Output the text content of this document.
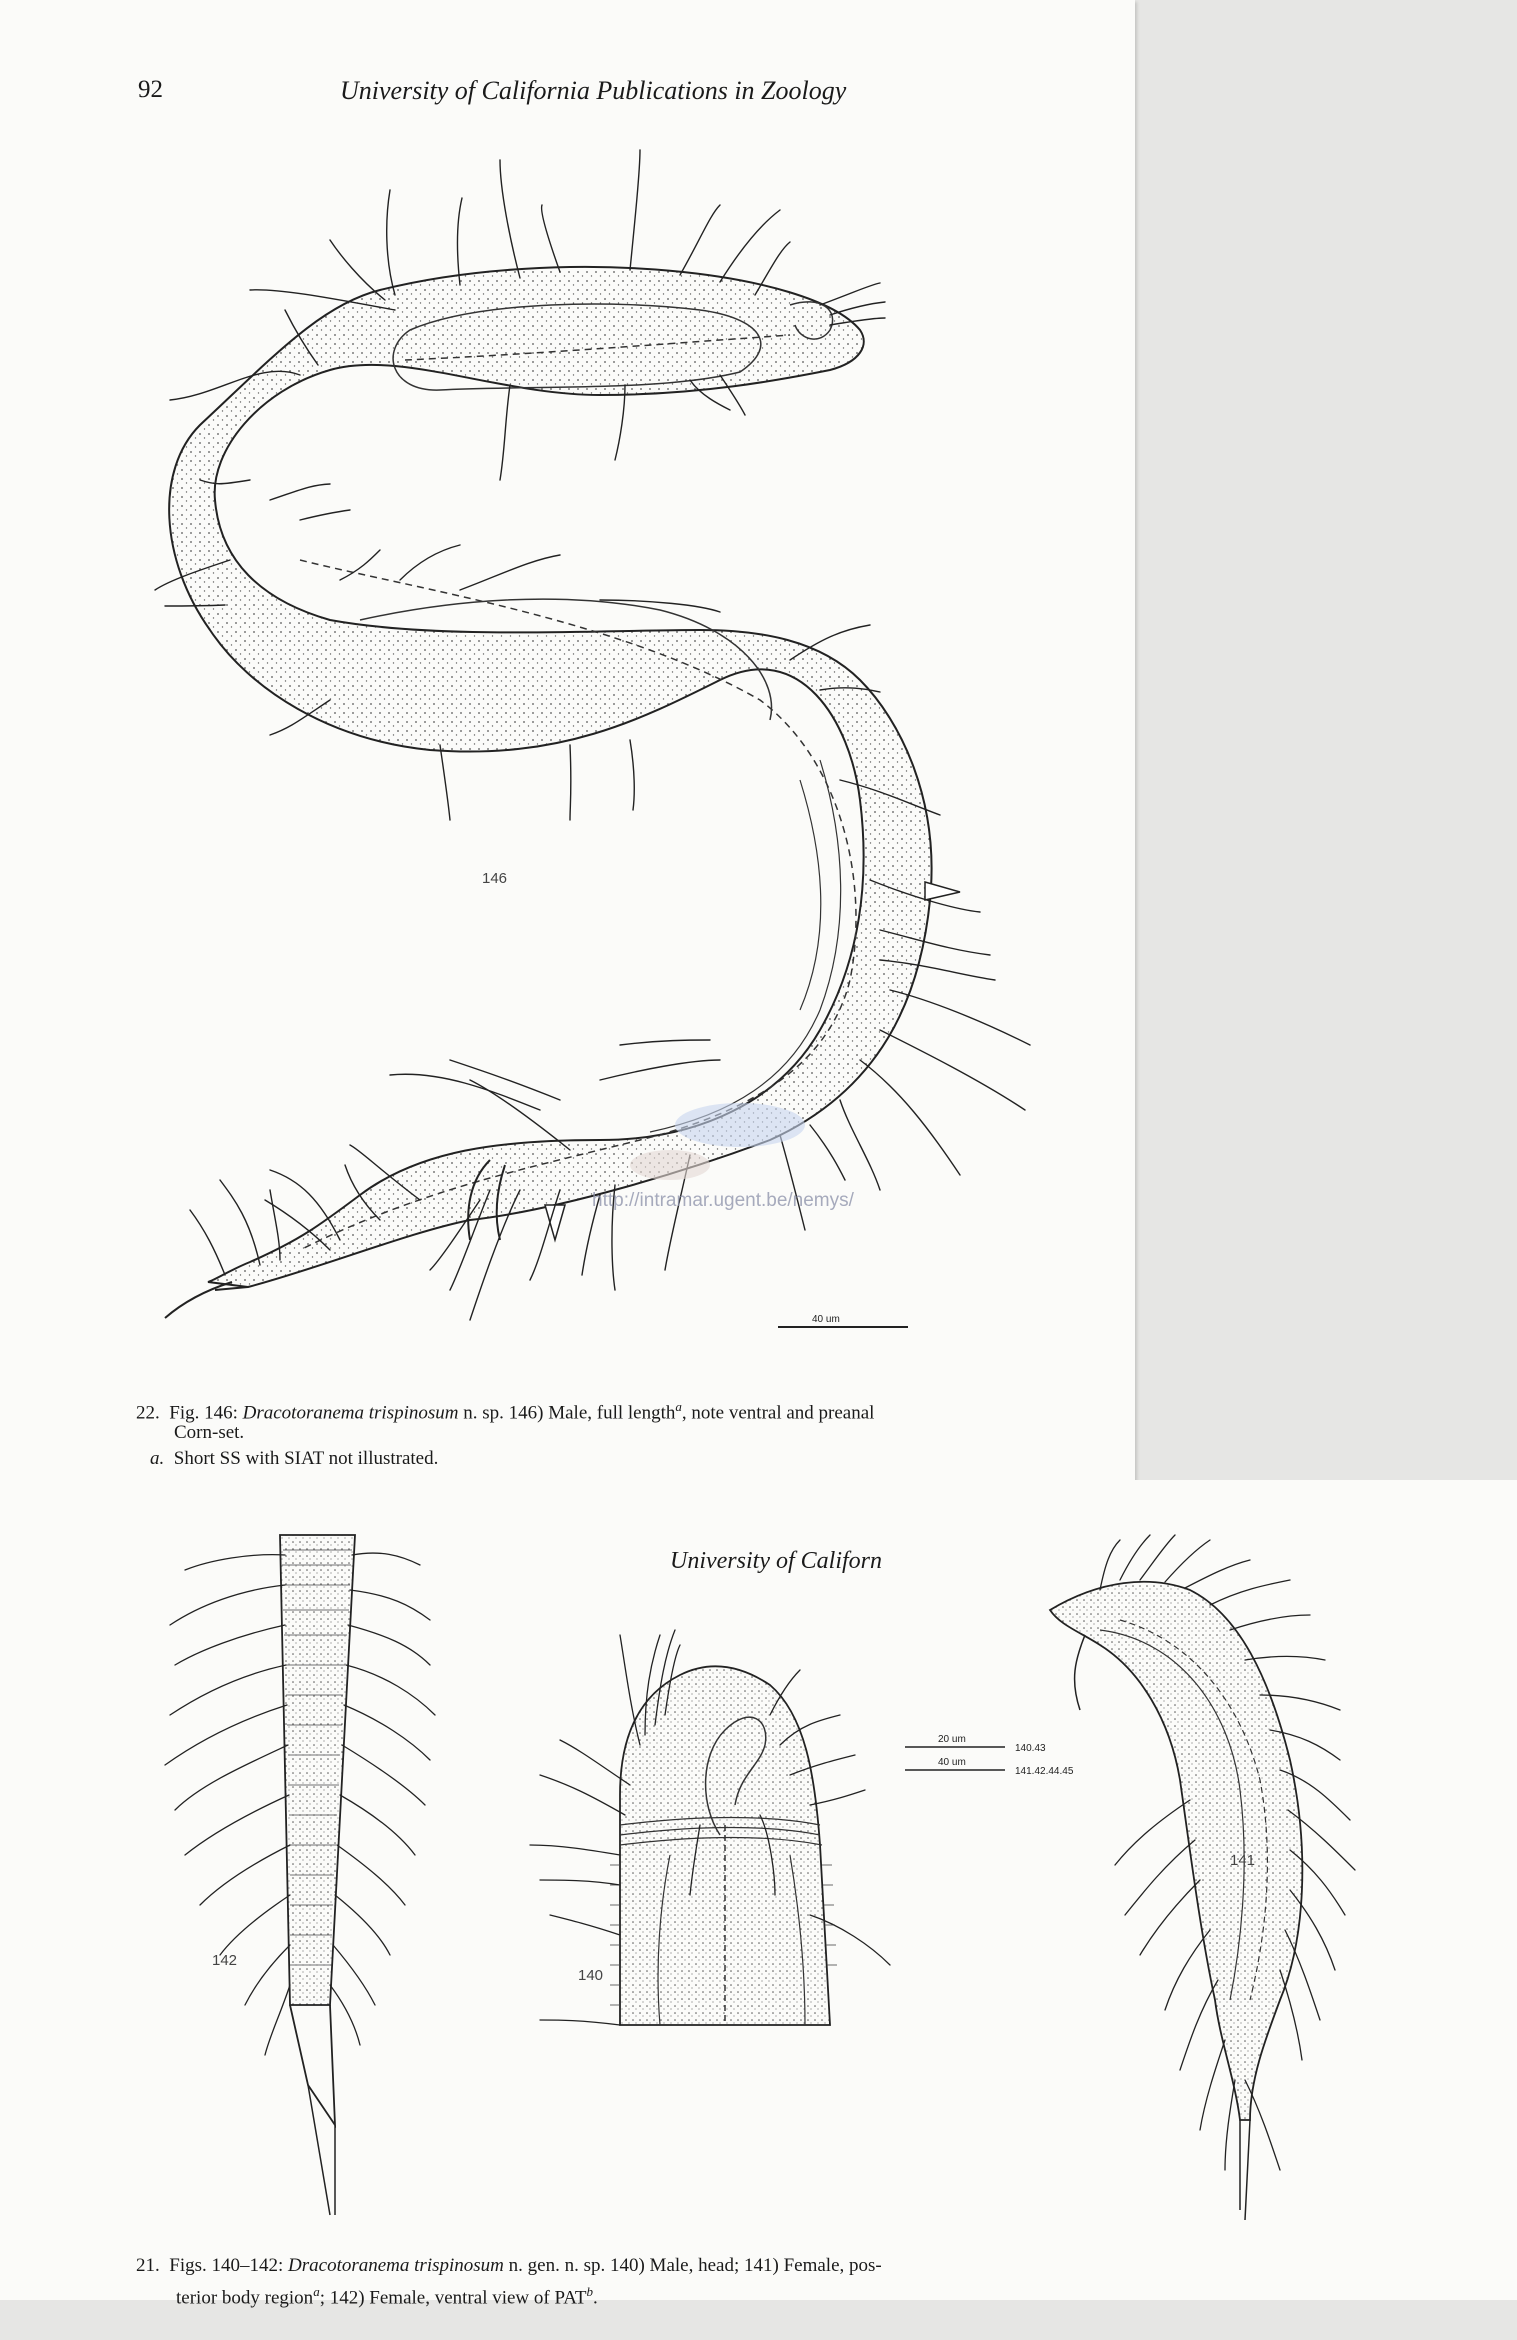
92	University of California Publications in Zoology
40 um
146
http://intramar.ugent.be/nemys/
22. Fig. 146: Dracotoranema trispinosum n. sp. 146) Male, full length$^a$, note ventral and preanal
Corn-set.
a. Short SS with SIAT not illustrated.
University of Californ
142
20 um
40 um
140.43
141.42.44.45
140
141
21. Figs. 140–142: Dracotoranema trispinosum n. gen. n. sp. 140) Male, head; 141) Female, pos-
terior body region$^a$; 142) Female, ventral view of PAT$^b$.
